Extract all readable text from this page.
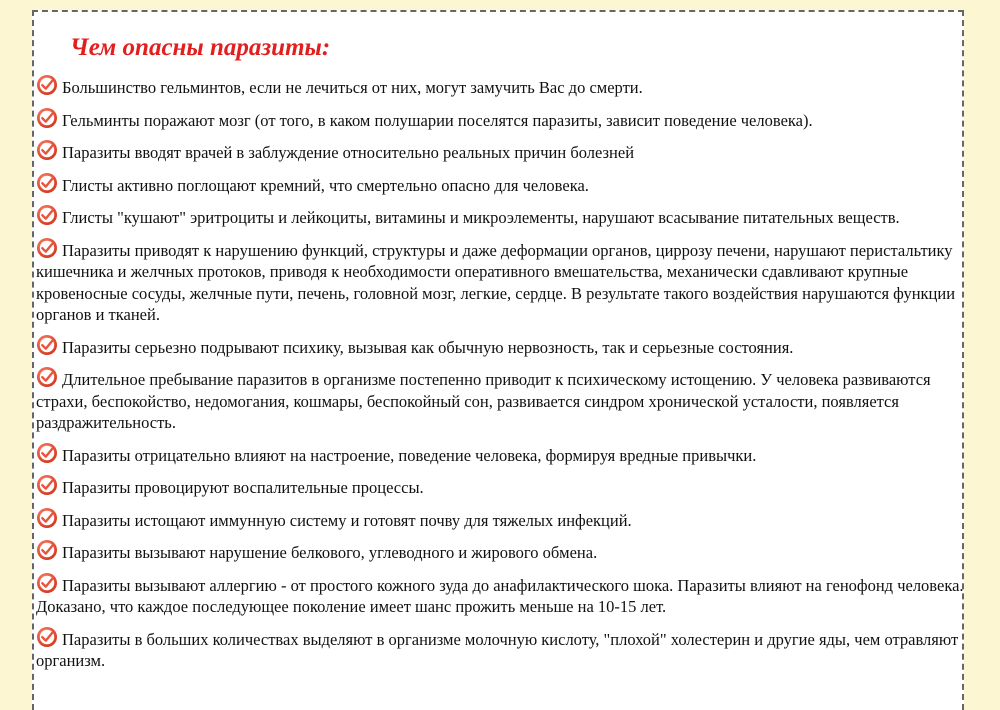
Чем опасны паразиты:
Большинство гельминтов, если не лечиться от них, могут замучить Вас до смерти.
Гельминты поражают мозг (от того, в каком полушарии поселятся паразиты, зависит поведение человека).
Паразиты вводят врачей в заблуждение относительно реальных причин болезней
Глисты активно поглощают кремний, что смертельно опасно для человека.
Глисты "кушают" эритроциты и лейкоциты, витамины и микроэлементы, нарушают всасывание питательных веществ.
Паразиты приводят к нарушению функций, структуры и даже деформации органов, циррозу печени, нарушают перистальтику кишечника и желчных протоков, приводя к необходимости оперативного вмешательства, механически сдавливают крупные кровеносные сосуды, желчные пути, печень, головной мозг, легкие, сердце. В результате такого воздействия нарушаются функции органов и тканей.
Паразиты серьезно подрывают психику, вызывая как обычную нервозность, так и серьезные состояния.
Длительное пребывание паразитов в организме постепенно приводит к психическому истощению. У человека развиваются страхи, беспокойство, недомогания, кошмары, беспокойный сон, развивается синдром хронической усталости, появляется раздражительность.
Паразиты отрицательно влияют на настроение, поведение человека, формируя вредные привычки.
Паразиты провоцируют воспалительные процессы.
Паразиты истощают иммунную систему и готовят почву для тяжелых инфекций.
Паразиты вызывают нарушение белкового, углеводного и жирового обмена.
Паразиты вызывают аллергию - от простого кожного зуда до анафилактического шока. Паразиты влияют на генофонд человека. Доказано, что каждое последующее поколение имеет шанс прожить меньше на 10-15 лет.
Паразиты в больших количествах выделяют в организме молочную кислоту, "плохой" холестерин и другие яды, чем отравляют организм.
